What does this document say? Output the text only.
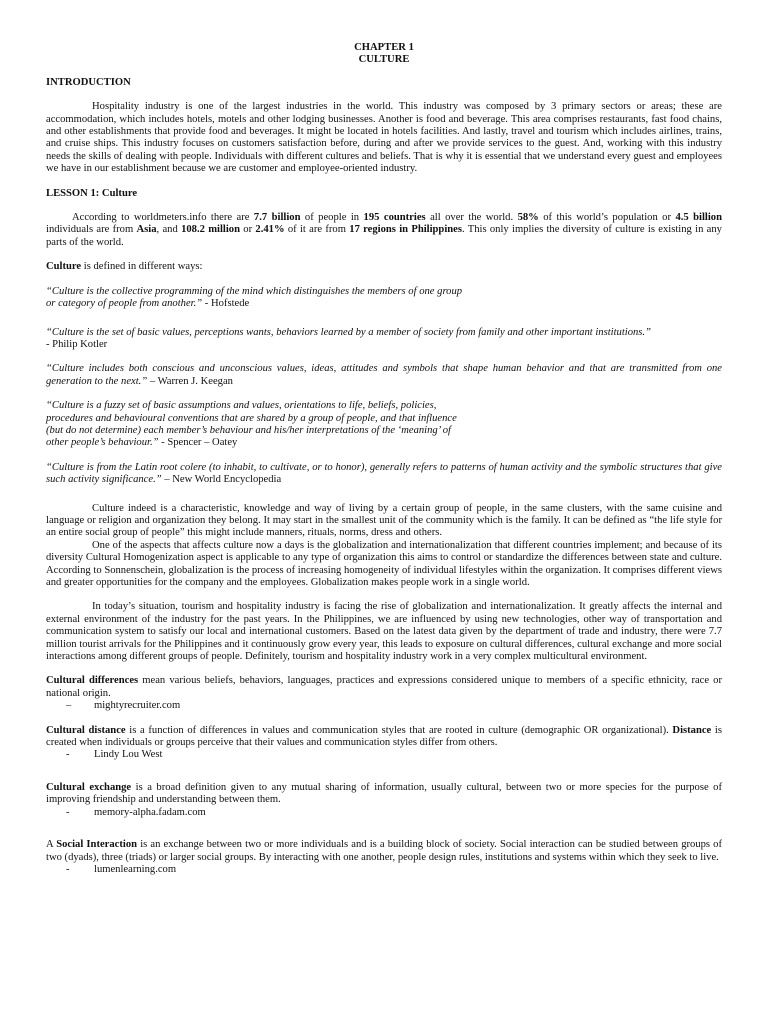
CHAPTER 1
CULTURE

INTRODUCTION

Hospitality industry is one of the largest industries in the world. This industry was composed by 3 primary sectors or areas; these are accommodation, which includes hotels, motels and other lodging businesses. Another is food and beverage. This area comprises restaurants, fast food chains, and other establishments that provide food and beverages. It might be located in hotels facilities. And lastly, travel and tourism which includes airlines, trains, and cruise ships. This industry focuses on customers satisfaction before, during and after we provide services to the guest. And, working with this industry needs the skills of dealing with people. Individuals with different cultures and beliefs. That is why it is essential that we understand every guest and employees we have in our establishment because we are customer and employee-oriented industry.

LESSON 1: Culture

According to worldmeters.info there are 7.7 billion of people in 195 countries all over the world. 58% of this world’s population or 4.5 billion individuals are from Asia, and 108.2 million or 2.41% of it are from 17 regions in Philippines. This only implies the diversity of culture is existing in any parts of the world.

Culture is defined in different ways:

“Culture is the collective programming of the mind which distinguishes the members of one group

or category of people from another.” - Hofstede

“Culture is the set of basic values, perceptions wants, behaviors learned by a member of society from family and other important institutions.”

- Philip Kotler

“Culture includes both conscious and unconscious values, ideas, attitudes and symbols that shape human behavior and that are transmitted from one generation to the next.” – Warren J. Keegan

“Culture is a fuzzy set of basic assumptions and values, orientations to life, beliefs, policies,

procedures and behavioural conventions that are shared by a group of people, and that influence

(but do not determine) each member’s behaviour and his/her interpretations of the ‘meaning’ of

other people’s behaviour.” - Spencer – Oatey

“Culture is from the Latin root colere (to inhabit, to cultivate, or to honor), generally refers to patterns of human activity and the symbolic structures that give such activity significance.” – New World Encyclopedia

Culture indeed is a characteristic, knowledge and way of living by a certain group of people, in the same clusters, with the same cuisine and language or religion and organization they belong. It may start in the smallest unit of the community which is the family. It can be defined as “the life style for an entire social group of people” this might include manners, rituals, norms, dress and others.

One of the aspects that affects culture now a days is the globalization and internationalization that different countries implement; and because of its diversity Cultural Homogenization aspect is applicable to any type of organization this aims to control or standardize the differences between state and culture. According to Sonnenschein, globalization is the process of increasing homogeneity of individual lifestyles within the organization. It comprises different views and greater opportunities for the company and the employees. Globalization makes people work in a single world.

In today’s situation, tourism and hospitality industry is facing the rise of globalization and internationalization. It greatly affects the internal and external environment of the industry for the past years. In the Philippines, we are influenced by using new technologies, other way of transportation and communication system to satisfy our local and international customers. Based on the latest data given by the department of trade and industry, there were 7.7 million tourist arrivals for the Philippines and it continuously grow every year, this leads to exposure on cultural differences, cultural exchange and more social interactions among different groups of people. Definitely, tourism and hospitality industry work in a very complex multicultural environment.

Cultural differences mean various beliefs, behaviors, languages, practices and expressions considered unique to members of a specific ethnicity, race or national origin.

– mightyrecruiter.com

Cultural distance is a function of differences in values and communication styles that are rooted in culture (demographic OR organizational). Distance is created when individuals or groups perceive that their values and communication styles differ from others.

- Lindy Lou West

Cultural exchange is a broad definition given to any mutual sharing of information, usually cultural, between two or more species for the purpose of improving friendship and understanding between them.

- memory-alpha.fadam.com

A Social Interaction is an exchange between two or more individuals and is a building block of society. Social interaction can be studied between groups of two (dyads), three (triads) or larger social groups. By interacting with one another, people design rules, institutions and systems within which they seek to live.

- lumenlearning.com
